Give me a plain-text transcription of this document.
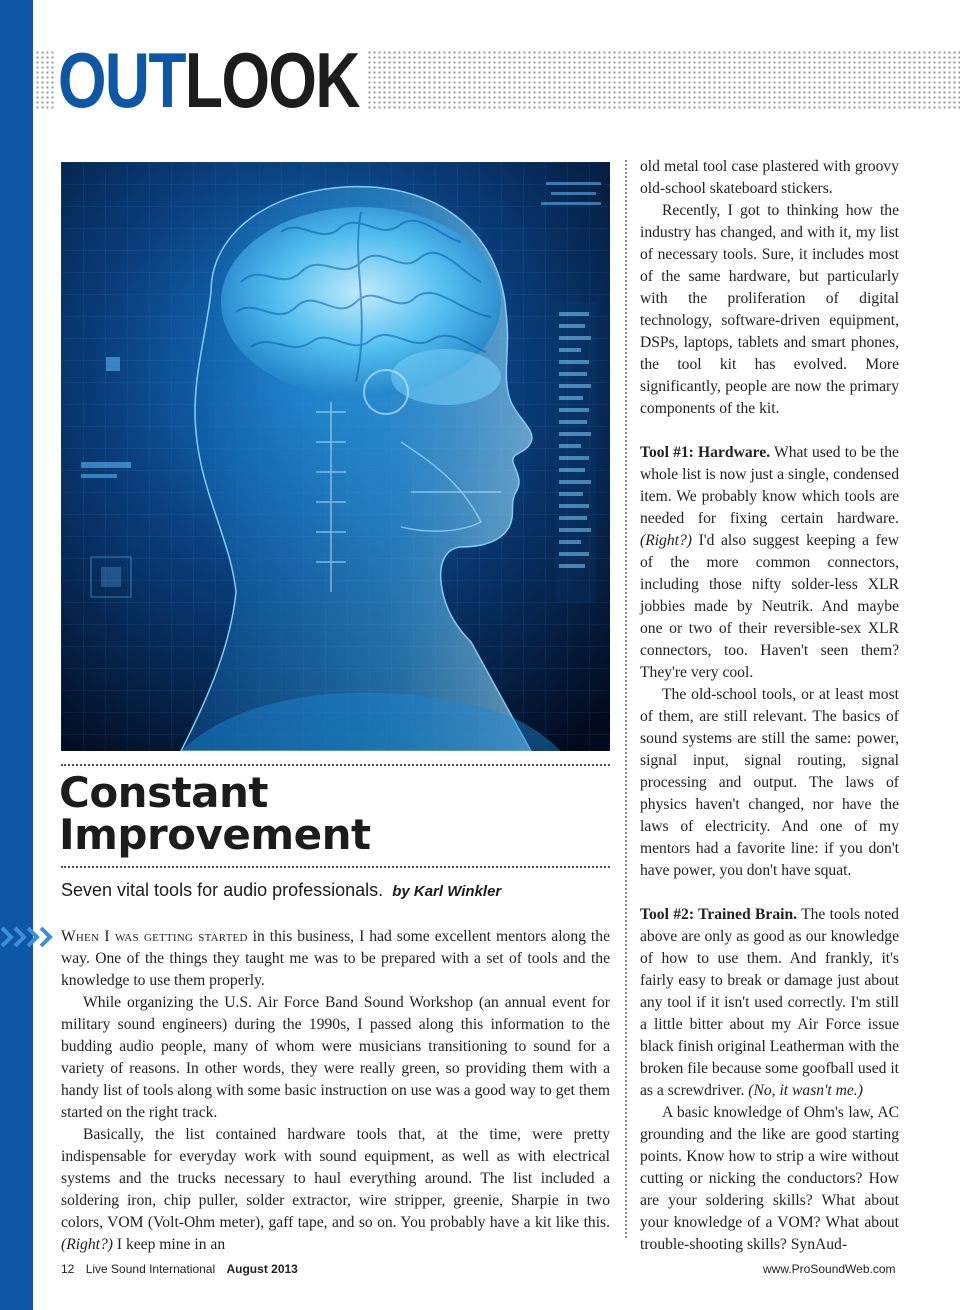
OUTLOOK
Constant
Improvement
Seven vital tools for audio professionals. by Karl Winkler

When I was getting started in this business, I had some excellent mentors along the way. One of the things they taught me was to be prepared with a set of tools and the knowledge to use them properly.

While organizing the U.S. Air Force Band Sound Workshop (an annual event for military sound engineers) during the 1990s, I passed along this information to the budding audio people, many of whom were musicians transitioning to sound for a variety of reasons. In other words, they were really green, so providing them with a handy list of tools along with some basic instruction on use was a good way to get them started on the right track.

Basically, the list contained hardware tools that, at the time, were pretty indispensable for everyday work with sound equipment, as well as with electrical systems and the trucks necessary to haul everything around. The list included a soldering iron, chip puller, solder extractor, wire stripper, greenie, Sharpie in two colors, VOM (Volt-Ohm meter), gaff tape, and so on. You probably have a kit like this. (Right?) I keep mine in an

old metal tool case plastered with groovy old-school skateboard stickers.

Recently, I got to thinking how the industry has changed, and with it, my list of necessary tools. Sure, it includes most of the same hardware, but particularly with the proliferation of digital technology, software-driven equipment, DSPs, laptops, tablets and smart phones, the tool kit has evolved. More significantly, people are now the primary components of the kit.

Tool #1: Hardware. What used to be the whole list is now just a single, condensed item. We probably know which tools are needed for fixing certain hardware. (Right?) I'd also suggest keeping a few of the more common connectors, including those nifty solder-less XLR jobbies made by Neutrik. And maybe one or two of their reversible-sex XLR connectors, too. Haven't seen them? They're very cool.

The old-school tools, or at least most of them, are still relevant. The basics of sound systems are still the same: power, signal input, signal routing, signal processing and output. The laws of physics haven't changed, nor have the laws of electricity. And one of my mentors had a favorite line: if you don't have power, you don't have squat.

Tool #2: Trained Brain. The tools noted above are only as good as our knowledge of how to use them. And frankly, it's fairly easy to break or damage just about any tool if it isn't used correctly. I'm still a little bitter about my Air Force issue black finish original Leatherman with the broken file because some goofball used it as a screwdriver. (No, it wasn't me.)

A basic knowledge of Ohm's law, AC grounding and the like are good starting points. Know how to strip a wire without cutting or nicking the conductors? How are your soldering skills? What about your knowledge of a VOM? What about trouble-shooting skills? SynAud-

12 Live Sound International August 2013	www.ProSoundWeb.com
